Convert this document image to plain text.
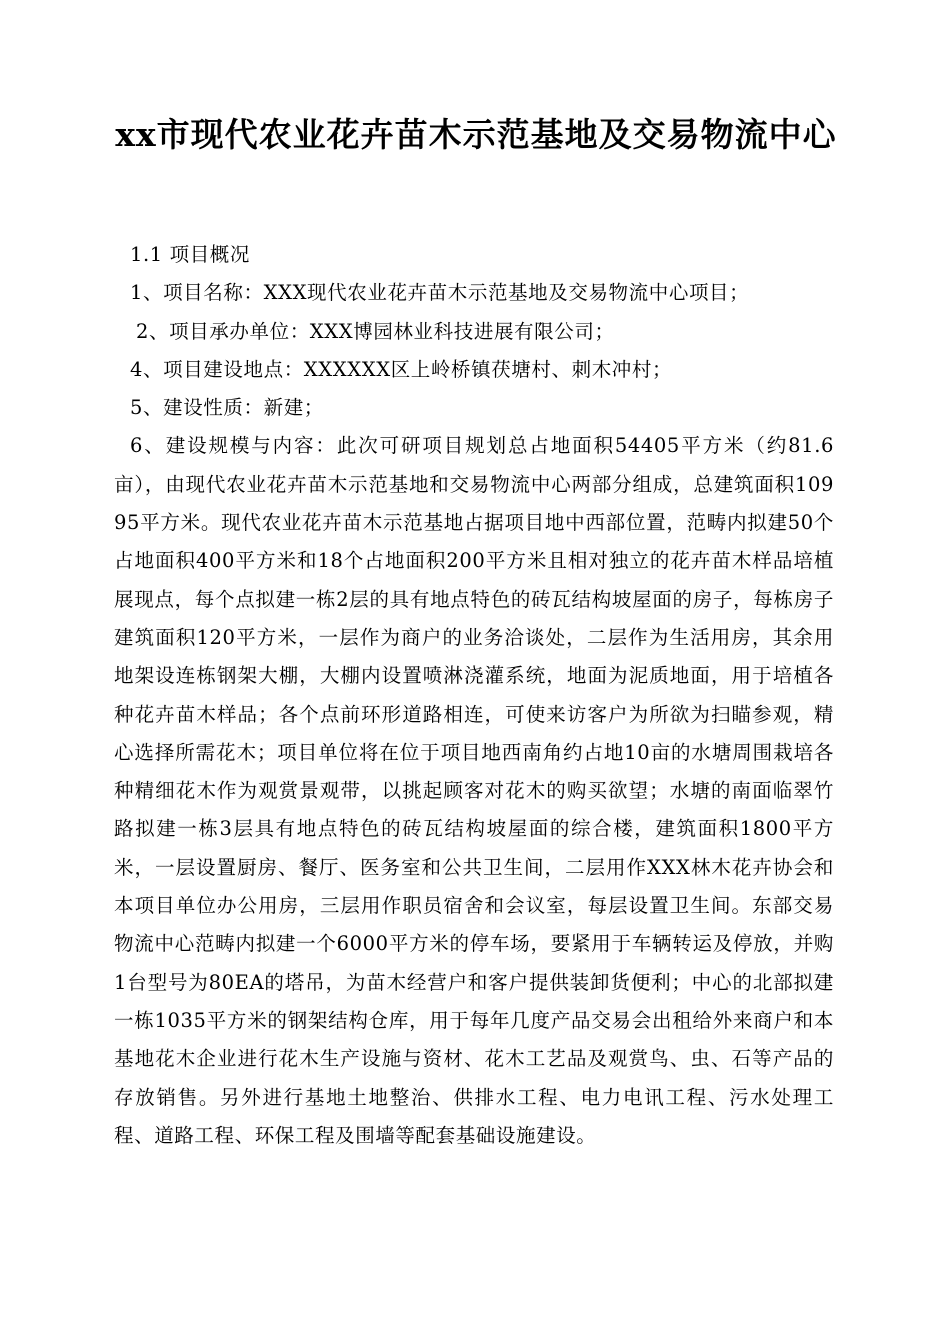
xx市现代农业花卉苗木示范基地及交易物流中心

1.1 项目概况

1、项目名称：XXX现代农业花卉苗木示范基地及交易物流中心项目；

2、项目承办单位：XXX博园林业科技进展有限公司；

4、项目建设地点：XXXXXX区上岭桥镇茯塘村、刺木冲村；

5、建设性质：新建；

6、建设规模与内容：此次可研项目规划总占地面积54405平方米（约81.6亩），由现代农业花卉苗木示范基地和交易物流中心两部分组成，总建筑面积10995平方米。现代农业花卉苗木示范基地占据项目地中西部位置，范畴内拟建50个占地面积400平方米和18个占地面积200平方米且相对独立的花卉苗木样品培植展现点，每个点拟建一栋2层的具有地点特色的砖瓦结构坡屋面的房子，每栋房子建筑面积120平方米，一层作为商户的业务洽谈处，二层作为生活用房，其余用地架设连栋钢架大棚，大棚内设置喷淋浇灌系统，地面为泥质地面，用于培植各种花卉苗木样品；各个点前环形道路相连，可使来访客户为所欲为扫瞄参观，精心选择所需花木；项目单位将在位于项目地西南角约占地10亩的水塘周围栽培各种精细花木作为观赏景观带，以挑起顾客对花木的购买欲望；水塘的南面临翠竹路拟建一栋3层具有地点特色的砖瓦结构坡屋面的综合楼，建筑面积1800平方米，一层设置厨房、餐厅、医务室和公共卫生间，二层用作XXX林木花卉协会和本项目单位办公用房，三层用作职员宿舍和会议室，每层设置卫生间。东部交易物流中心范畴内拟建一个6000平方米的停车场，要紧用于车辆转运及停放，并购1台型号为80EA的塔吊，为苗木经营户和客户提供装卸货便利；中心的北部拟建一栋1035平方米的钢架结构仓库，用于每年几度产品交易会出租给外来商户和本基地花木企业进行花木生产设施与资材、花木工艺品及观赏鸟、虫、石等产品的存放销售。另外进行基地土地整治、供排水工程、电力电讯工程、污水处理工程、道路工程、环保工程及围墙等配套基础设施建设。
